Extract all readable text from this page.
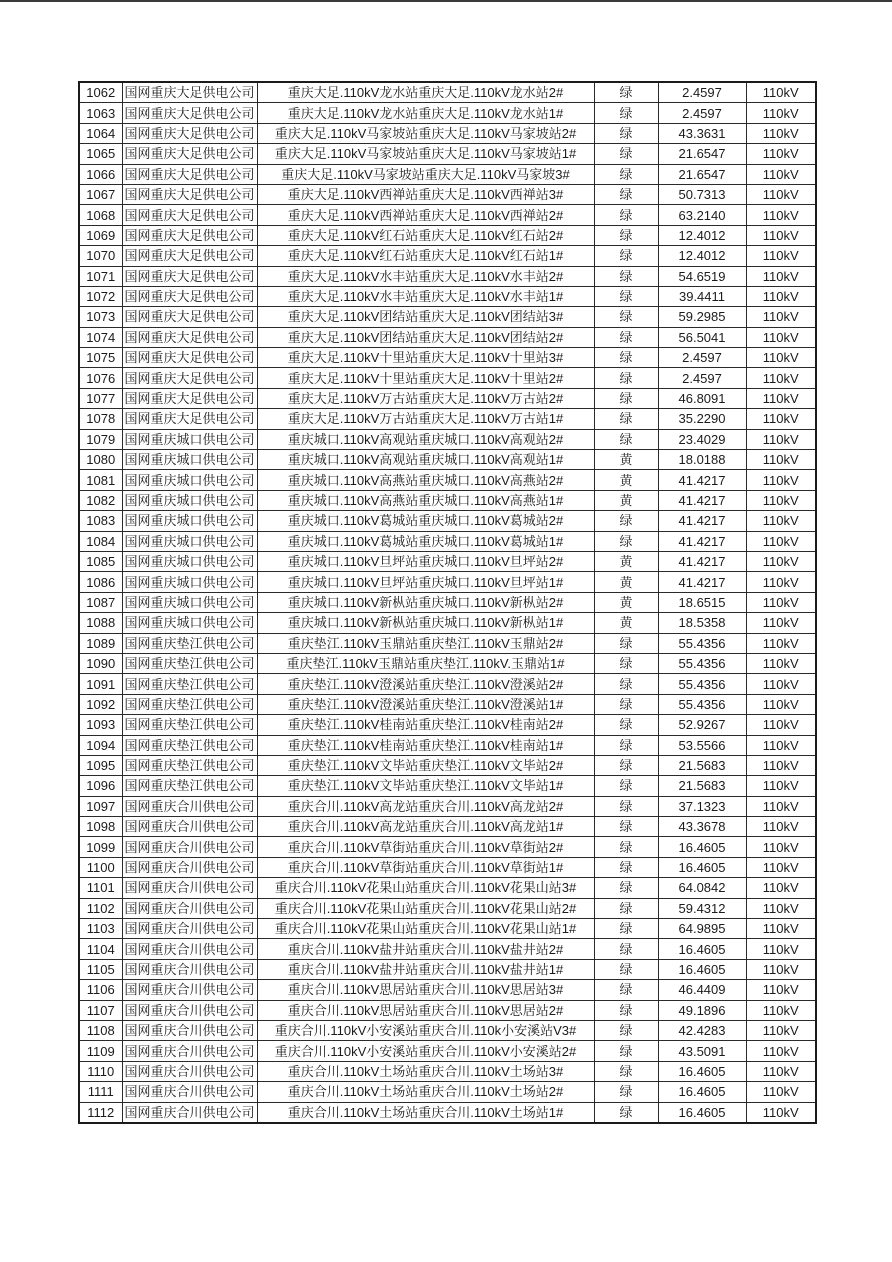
1062	国网重庆大足供电公司	重庆大足.110kV龙水站重庆大足.110kV龙水站2#	绿	2.4597	110kV
1063	国网重庆大足供电公司	重庆大足.110kV龙水站重庆大足.110kV龙水站1#	绿	2.4597	110kV
1064	国网重庆大足供电公司	重庆大足.110kV马家坡站重庆大足.110kV马家坡站2#	绿	43.3631	110kV
1065	国网重庆大足供电公司	重庆大足.110kV马家坡站重庆大足.110kV马家坡站1#	绿	21.6547	110kV
1066	国网重庆大足供电公司	重庆大足.110kV马家坡站重庆大足.110kV马家坡3#	绿	21.6547	110kV
1067	国网重庆大足供电公司	重庆大足.110kV西禅站重庆大足.110kV西禅站3#	绿	50.7313	110kV
1068	国网重庆大足供电公司	重庆大足.110kV西禅站重庆大足.110kV西禅站2#	绿	63.2140	110kV
1069	国网重庆大足供电公司	重庆大足.110kV红石站重庆大足.110kV红石站2#	绿	12.4012	110kV
1070	国网重庆大足供电公司	重庆大足.110kV红石站重庆大足.110kV红石站1#	绿	12.4012	110kV
1071	国网重庆大足供电公司	重庆大足.110kV水丰站重庆大足.110kV水丰站2#	绿	54.6519	110kV
1072	国网重庆大足供电公司	重庆大足.110kV水丰站重庆大足.110kV水丰站1#	绿	39.4411	110kV
1073	国网重庆大足供电公司	重庆大足.110kV团结站重庆大足.110kV团结站3#	绿	59.2985	110kV
1074	国网重庆大足供电公司	重庆大足.110kV团结站重庆大足.110kV团结站2#	绿	56.5041	110kV
1075	国网重庆大足供电公司	重庆大足.110kV十里站重庆大足.110kV十里站3#	绿	2.4597	110kV
1076	国网重庆大足供电公司	重庆大足.110kV十里站重庆大足.110kV十里站2#	绿	2.4597	110kV
1077	国网重庆大足供电公司	重庆大足.110kV万古站重庆大足.110kV万古站2#	绿	46.8091	110kV
1078	国网重庆大足供电公司	重庆大足.110kV万古站重庆大足.110kV万古站1#	绿	35.2290	110kV
1079	国网重庆城口供电公司	重庆城口.110kV高观站重庆城口.110kV高观站2#	绿	23.4029	110kV
1080	国网重庆城口供电公司	重庆城口.110kV高观站重庆城口.110kV高观站1#	黄	18.0188	110kV
1081	国网重庆城口供电公司	重庆城口.110kV高燕站重庆城口.110kV高燕站2#	黄	41.4217	110kV
1082	国网重庆城口供电公司	重庆城口.110kV高燕站重庆城口.110kV高燕站1#	黄	41.4217	110kV
1083	国网重庆城口供电公司	重庆城口.110kV葛城站重庆城口.110kV葛城站2#	绿	41.4217	110kV
1084	国网重庆城口供电公司	重庆城口.110kV葛城站重庆城口.110kV葛城站1#	绿	41.4217	110kV
1085	国网重庆城口供电公司	重庆城口.110kV旦坪站重庆城口.110kV旦坪站2#	黄	41.4217	110kV
1086	国网重庆城口供电公司	重庆城口.110kV旦坪站重庆城口.110kV旦坪站1#	黄	41.4217	110kV
1087	国网重庆城口供电公司	重庆城口.110kV新枞站重庆城口.110kV新枞站2#	黄	18.6515	110kV
1088	国网重庆城口供电公司	重庆城口.110kV新枞站重庆城口.110kV新枞站1#	黄	18.5358	110kV
1089	国网重庆垫江供电公司	重庆垫江.110kV玉鼎站重庆垫江.110kV玉鼎站2#	绿	55.4356	110kV
1090	国网重庆垫江供电公司	重庆垫江.110kV玉鼎站重庆垫江.110kV.玉鼎站1#	绿	55.4356	110kV
1091	国网重庆垫江供电公司	重庆垫江.110kV澄溪站重庆垫江.110kV澄溪站2#	绿	55.4356	110kV
1092	国网重庆垫江供电公司	重庆垫江.110kV澄溪站重庆垫江.110kV澄溪站1#	绿	55.4356	110kV
1093	国网重庆垫江供电公司	重庆垫江.110kV桂南站重庆垫江.110kV桂南站2#	绿	52.9267	110kV
1094	国网重庆垫江供电公司	重庆垫江.110kV桂南站重庆垫江.110kV桂南站1#	绿	53.5566	110kV
1095	国网重庆垫江供电公司	重庆垫江.110kV文毕站重庆垫江.110kV文毕站2#	绿	21.5683	110kV
1096	国网重庆垫江供电公司	重庆垫江.110kV文毕站重庆垫江.110kV文毕站1#	绿	21.5683	110kV
1097	国网重庆合川供电公司	重庆合川.110kV高龙站重庆合川.110kV高龙站2#	绿	37.1323	110kV
1098	国网重庆合川供电公司	重庆合川.110kV高龙站重庆合川.110kV高龙站1#	绿	43.3678	110kV
1099	国网重庆合川供电公司	重庆合川.110kV草街站重庆合川.110kV草街站2#	绿	16.4605	110kV
1100	国网重庆合川供电公司	重庆合川.110kV草街站重庆合川.110kV草街站1#	绿	16.4605	110kV
1101	国网重庆合川供电公司	重庆合川.110kV花果山站重庆合川.110kV花果山站3#	绿	64.0842	110kV
1102	国网重庆合川供电公司	重庆合川.110kV花果山站重庆合川.110kV花果山站2#	绿	59.4312	110kV
1103	国网重庆合川供电公司	重庆合川.110kV花果山站重庆合川.110kV花果山站1#	绿	64.9895	110kV
1104	国网重庆合川供电公司	重庆合川.110kV盐井站重庆合川.110kV盐井站2#	绿	16.4605	110kV
1105	国网重庆合川供电公司	重庆合川.110kV盐井站重庆合川.110kV盐井站1#	绿	16.4605	110kV
1106	国网重庆合川供电公司	重庆合川.110kV思居站重庆合川.110kV思居站3#	绿	46.4409	110kV
1107	国网重庆合川供电公司	重庆合川.110kV思居站重庆合川.110kV思居站2#	绿	49.1896	110kV
1108	国网重庆合川供电公司	重庆合川.110kV小安溪站重庆合川.110k小安溪站V3#	绿	42.4283	110kV
1109	国网重庆合川供电公司	重庆合川.110kV小安溪站重庆合川.110kV小安溪站2#	绿	43.5091	110kV
1110	国网重庆合川供电公司	重庆合川.110kV土场站重庆合川.110kV土场站3#	绿	16.4605	110kV
1111	国网重庆合川供电公司	重庆合川.110kV土场站重庆合川.110kV土场站2#	绿	16.4605	110kV
1112	国网重庆合川供电公司	重庆合川.110kV土场站重庆合川.110kV土场站1#	绿	16.4605	110kV
